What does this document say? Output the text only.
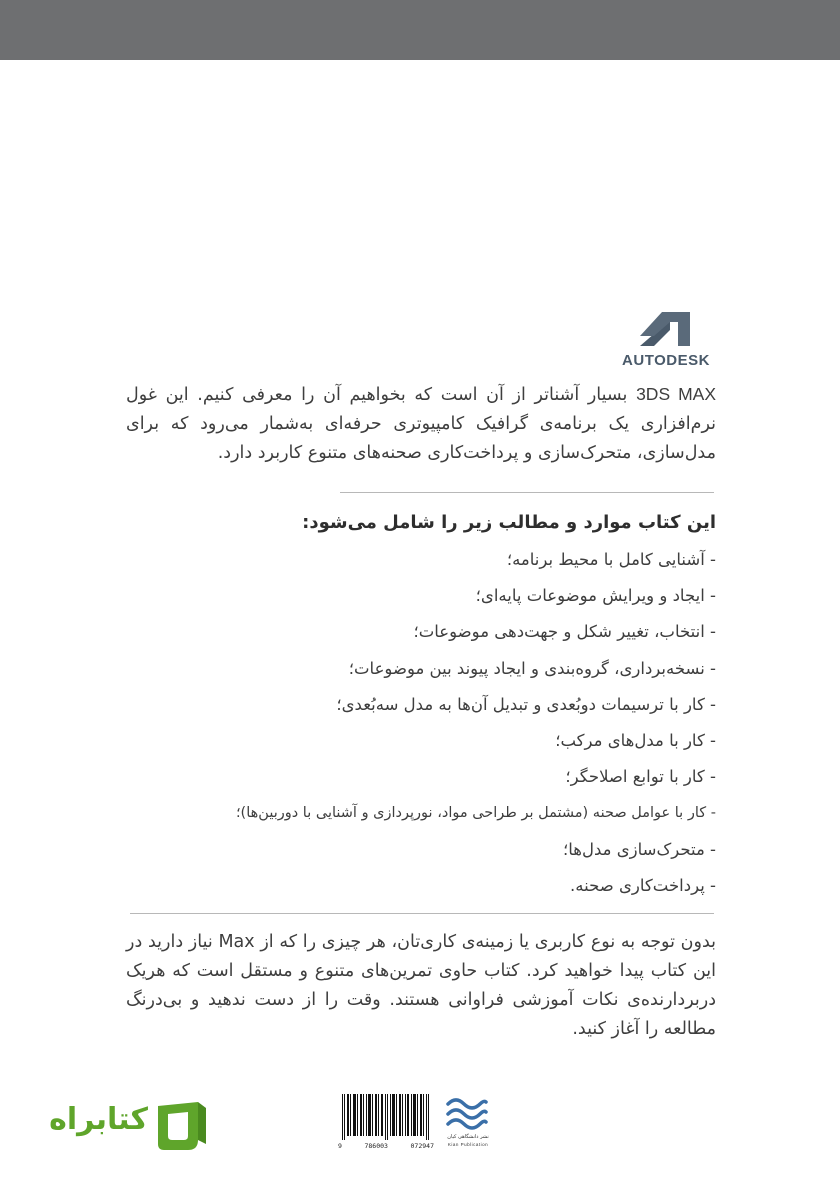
AUTODESK
3DS MAX بسیار آشناتر از آن است که بخواهیم آن را معرفی کنیم. این غول نرم‌افزاری یک برنامه‌ی گرافیک کامپیوتری حرفه‌ای به‌شمار می‌رود که برای مدل‌سازی، متحرک‌سازی و پرداخت‌کاری صحنه‌های متنوع کاربرد دارد.
این کتاب موارد و مطالب زیر را شامل می‌شود:
- آشنایی کامل با محیط برنامه؛
- ایجاد و ویرایش موضوعات پایه‌ای؛
- انتخاب، تغییر شکل و جهت‌دهی موضوعات؛
- نسخه‌برداری، گروه‌بندی و ایجاد پیوند بین موضوعات؛
- کار با ترسیمات دوبُعدی و تبدیل آن‌ها به مدل سه‌بُعدی؛
- کار با مدل‌های مرکب؛
- کار با توابع اصلاحگر؛
- کار با عوامل صحنه (مشتمل بر طراحی مواد، نورپردازی و آشنایی با دوربین‌ها)؛
- متحرک‌سازی مدل‌ها؛
- پرداخت‌کاری صحنه.
بدون توجه به نوع کاربری یا زمینه‌ی کاری‌تان، هر چیزی را که از Max نیاز دارید در این کتاب پیدا خواهید کرد. کتاب حاوی تمرین‌های متنوع و مستقل است که هریک دربردارنده‌ی نکات آموزشی فراوانی هستند. وقت را از دست ندهید و بی‌درنگ مطالعه را آغاز کنید.
کتابراه
9	786003	072947
نشر دانشگاهی کیان
Kian Publication
